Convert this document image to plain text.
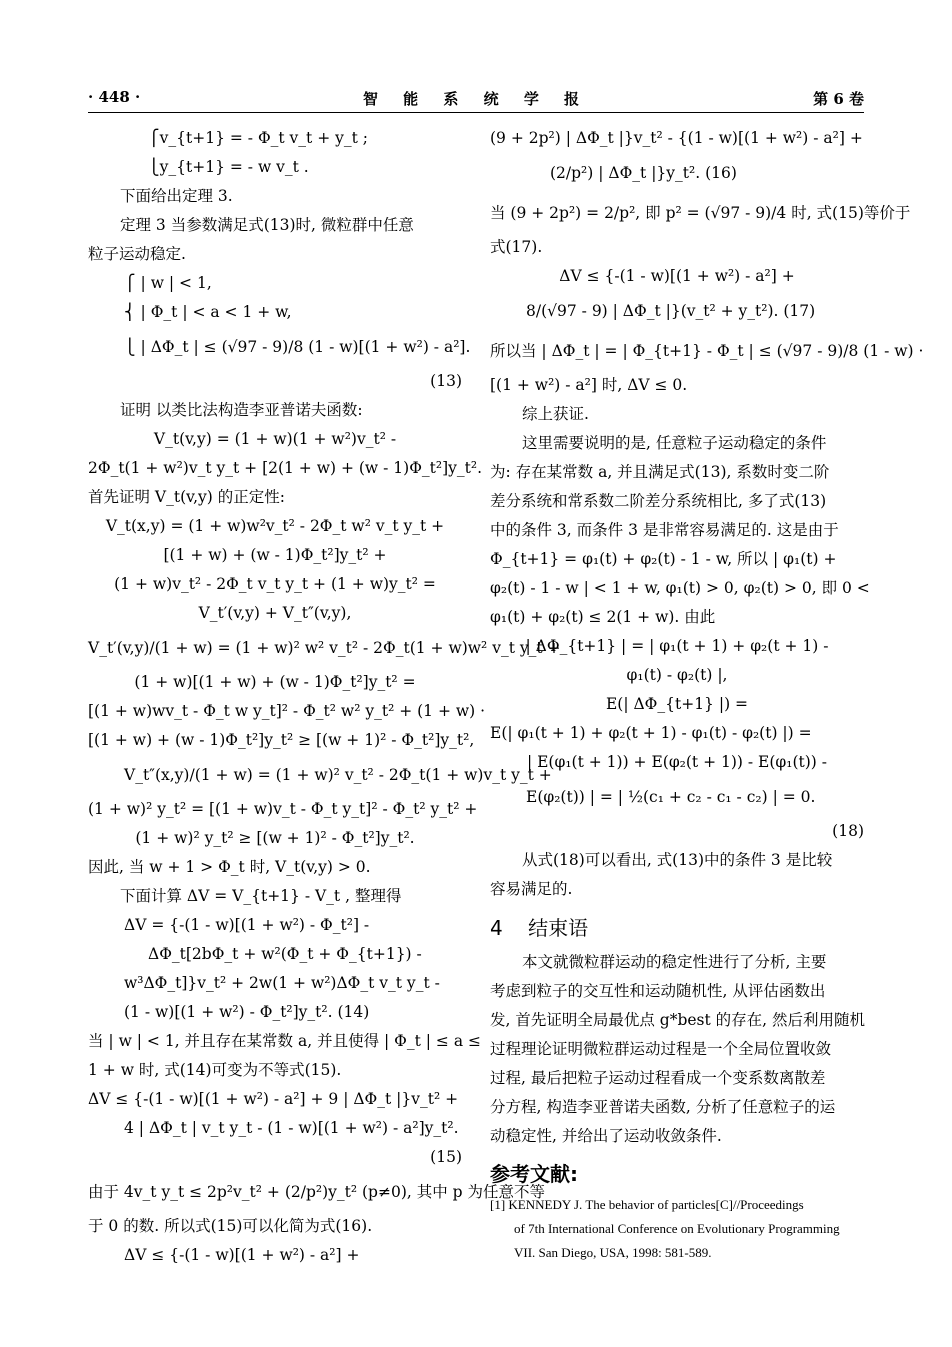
· 448 ·	智 能 系 统 学 报	第 6 卷
⎧v_{t+1} = - Φ_t v_t + y_t ;
⎩y_{t+1} = - w v_t .
下面给出定理 3.
定理 3 当参数满足式(13)时, 微粒群中任意
粒子运动稳定.
⎧ | w | < 1,
⎨ | Φ_t | < a < 1 + w,
⎩ | ΔΦ_t | ≤ (√97 - 9)/8 (1 - w)[(1 + w²) - a²].
(13)
证明 以类比法构造李亚普诺夫函数:
V_t(v,y) = (1 + w)(1 + w²)v_t² -
2Φ_t(1 + w²)v_t y_t + [2(1 + w) + (w - 1)Φ_t²]y_t².
首先证明 V_t(v,y) 的正定性:
V_t(x,y) = (1 + w)w²v_t² - 2Φ_t w² v_t y_t +
[(1 + w) + (w - 1)Φ_t²]y_t² +
(1 + w)v_t² - 2Φ_t v_t y_t + (1 + w)y_t² =
V_t′(v,y) + V_t″(v,y),
V_t′(v,y)/(1 + w) = (1 + w)² w² v_t² - 2Φ_t(1 + w)w² v_t y_t +
(1 + w)[(1 + w) + (w - 1)Φ_t²]y_t² =
[(1 + w)wv_t - Φ_t w y_t]² - Φ_t² w² y_t² + (1 + w) ·
[(1 + w) + (w - 1)Φ_t²]y_t² ≥ [(w + 1)² - Φ_t²]y_t²,
V_t″(x,y)/(1 + w) = (1 + w)² v_t² - 2Φ_t(1 + w)v_t y_t +
(1 + w)² y_t² = [(1 + w)v_t - Φ_t y_t]² - Φ_t² y_t² +
(1 + w)² y_t² ≥ [(w + 1)² - Φ_t²]y_t².
因此, 当 w + 1 > Φ_t 时, V_t(v,y) > 0.
下面计算 ΔV = V_{t+1} - V_t , 整理得
ΔV = {-(1 - w)[(1 + w²) - Φ_t²] -
ΔΦ_t[2bΦ_t + w²(Φ_t + Φ_{t+1}) -
w³ΔΦ_t]}v_t² + 2w(1 + w²)ΔΦ_t v_t y_t -
(1 - w)[(1 + w²) - Φ_t²]y_t². (14)
当 | w | < 1, 并且存在某常数 a, 并且使得 | Φ_t | ≤ a ≤
1 + w 时, 式(14)可变为不等式(15).
ΔV ≤ {-(1 - w)[(1 + w²) - a²] + 9 | ΔΦ_t |}v_t² +
4 | ΔΦ_t | v_t y_t - (1 - w)[(1 + w²) - a²]y_t².
(15)
由于 4v_t y_t ≤ 2p²v_t² + (2/p²)y_t² (p≠0), 其中 p 为任意不等
于 0 的数. 所以式(15)可以化简为式(16).
ΔV ≤ {-(1 - w)[(1 + w²) - a²] +
(9 + 2p²) | ΔΦ_t |}v_t² - {(1 - w)[(1 + w²) - a²] +
(2/p²) | ΔΦ_t |}y_t². (16)
当 (9 + 2p²) = 2/p², 即 p² = (√97 - 9)/4 时, 式(15)等价于
式(17).
ΔV ≤ {-(1 - w)[(1 + w²) - a²] +
8/(√97 - 9) | ΔΦ_t |}(v_t² + y_t²). (17)
所以当 | ΔΦ_t | = | Φ_{t+1} - Φ_t | ≤ (√97 - 9)/8 (1 - w) ·
[(1 + w²) - a²] 时, ΔV ≤ 0.
综上获证.
这里需要说明的是, 任意粒子运动稳定的条件
为: 存在某常数 a, 并且满足式(13), 系数时变二阶
差分系统和常系数二阶差分系统相比, 多了式(13)
中的条件 3, 而条件 3 是非常容易满足的. 这是由于
Φ_{t+1} = φ₁(t) + φ₂(t) - 1 - w, 所以 | φ₁(t) +
φ₂(t) - 1 - w | < 1 + w, φ₁(t) > 0, φ₂(t) > 0, 即 0 <
φ₁(t) + φ₂(t) ≤ 2(1 + w). 由此
| ΔΦ_{t+1} | = | φ₁(t + 1) + φ₂(t + 1) -
φ₁(t) - φ₂(t) |,
E(| ΔΦ_{t+1} |) =
E(| φ₁(t + 1) + φ₂(t + 1) - φ₁(t) - φ₂(t) |) =
| E(φ₁(t + 1)) + E(φ₂(t + 1)) - E(φ₁(t)) -
E(φ₂(t)) | = | ½(c₁ + c₂ - c₁ - c₂) | = 0.
(18)
从式(18)可以看出, 式(13)中的条件 3 是比较
容易满足的.
4 结束语
本文就微粒群运动的稳定性进行了分析, 主要
考虑到粒子的交互性和运动随机性, 从评估函数出
发, 首先证明全局最优点 g*best 的存在, 然后利用随机
过程理论证明微粒群运动过程是一个全局位置收敛
过程, 最后把粒子运动过程看成一个变系数离散差
分方程, 构造李亚普诺夫函数, 分析了任意粒子的运
动稳定性, 并给出了运动收敛条件.
参考文献:
[1] KENNEDY J. The behavior of particles[C]//Proceedings
of 7th International Conference on Evolutionary Programming
VII. San Diego, USA, 1998: 581-589.
